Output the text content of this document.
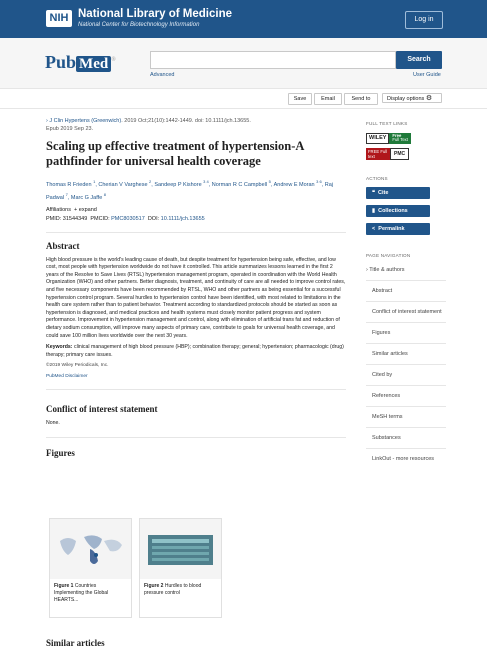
NIH National Library of Medicine
National Center for Biotechnology Information
Log in
Pub Med ®	Search
Advanced	User Guide
Save	Email	Send to	Display options ⚙
› J Clin Hypertens (Greenwich). 2019 Oct;21(10):1442-1449. doi: 10.1111/jch.13655.
Epub 2019 Sep 23.
Scaling up effective treatment of hypertension-A pathfinder for universal health coverage
Thomas R Frieden $^1$, Cherian V Varghese $^2$, Sandeep P Kishore $^{3 4}$, Norman R C Campbell $^5$, Andrew E Moran $^{3 6}$, Raj Padwal $^7$, Marc G Jaffe $^8$
Affiliations + expand
PMID: 31544349 PMCID: PMC8030517 DOI: 10.1111/jch.13655
Abstract
High blood pressure is the world's leading cause of death, but despite treatment for hypertension being safe, effective, and low cost, most people with hypertension worldwide do not have it controlled. This article summarizes lessons learned in the first 2 years of the Resolve to Save Lives (RTSL) hypertension management program, operated in coordination with the World Health Organization (WHO) and other partners. Better diagnosis, treatment, and continuity of care are all needed to improve control rates, and five necessary components have been recommended by RTSL, WHO and other partners as being essential for a successful hypertension control program. Several hurdles to hypertension control have been identified, with most related to limitations in the health care system rather than to patient behavior. Treatment according to standardized protocols should be started as soon as hypertension is diagnosed, and medical practices and health systems must closely monitor patient progress and system performance. Improvement in hypertension management and control, along with elimination of artificial trans fat and reduction of dietary sodium consumption, will improve many aspects of primary care, contribute to goals for universal health coverage, and could save 100 million lives worldwide over the next 30 years.
Keywords: clinical management of high blood pressure (HBP); combination therapy; general; hypertension; pharmacologic (drug) therapy; primary care issues.
©2019 Wiley Periodicals, Inc.
PubMed Disclaimer
Conflict of interest statement
None.
Figures
Figure 1 Countries Implementing the Global HEARTS...
Figure 2 Hurdles to blood pressure control
Similar articles
FULL TEXT LINKS
WILEY	Free
Full Text
FREE Full text	PMC
ACTIONS
❝ Cite
▮ Collections
< Permalink
PAGE NAVIGATION
› Title & authors
Abstract
Conflict of interest statement
Figures
Similar articles
Cited by
References
MeSH terms
Substances
LinkOut - more resources
